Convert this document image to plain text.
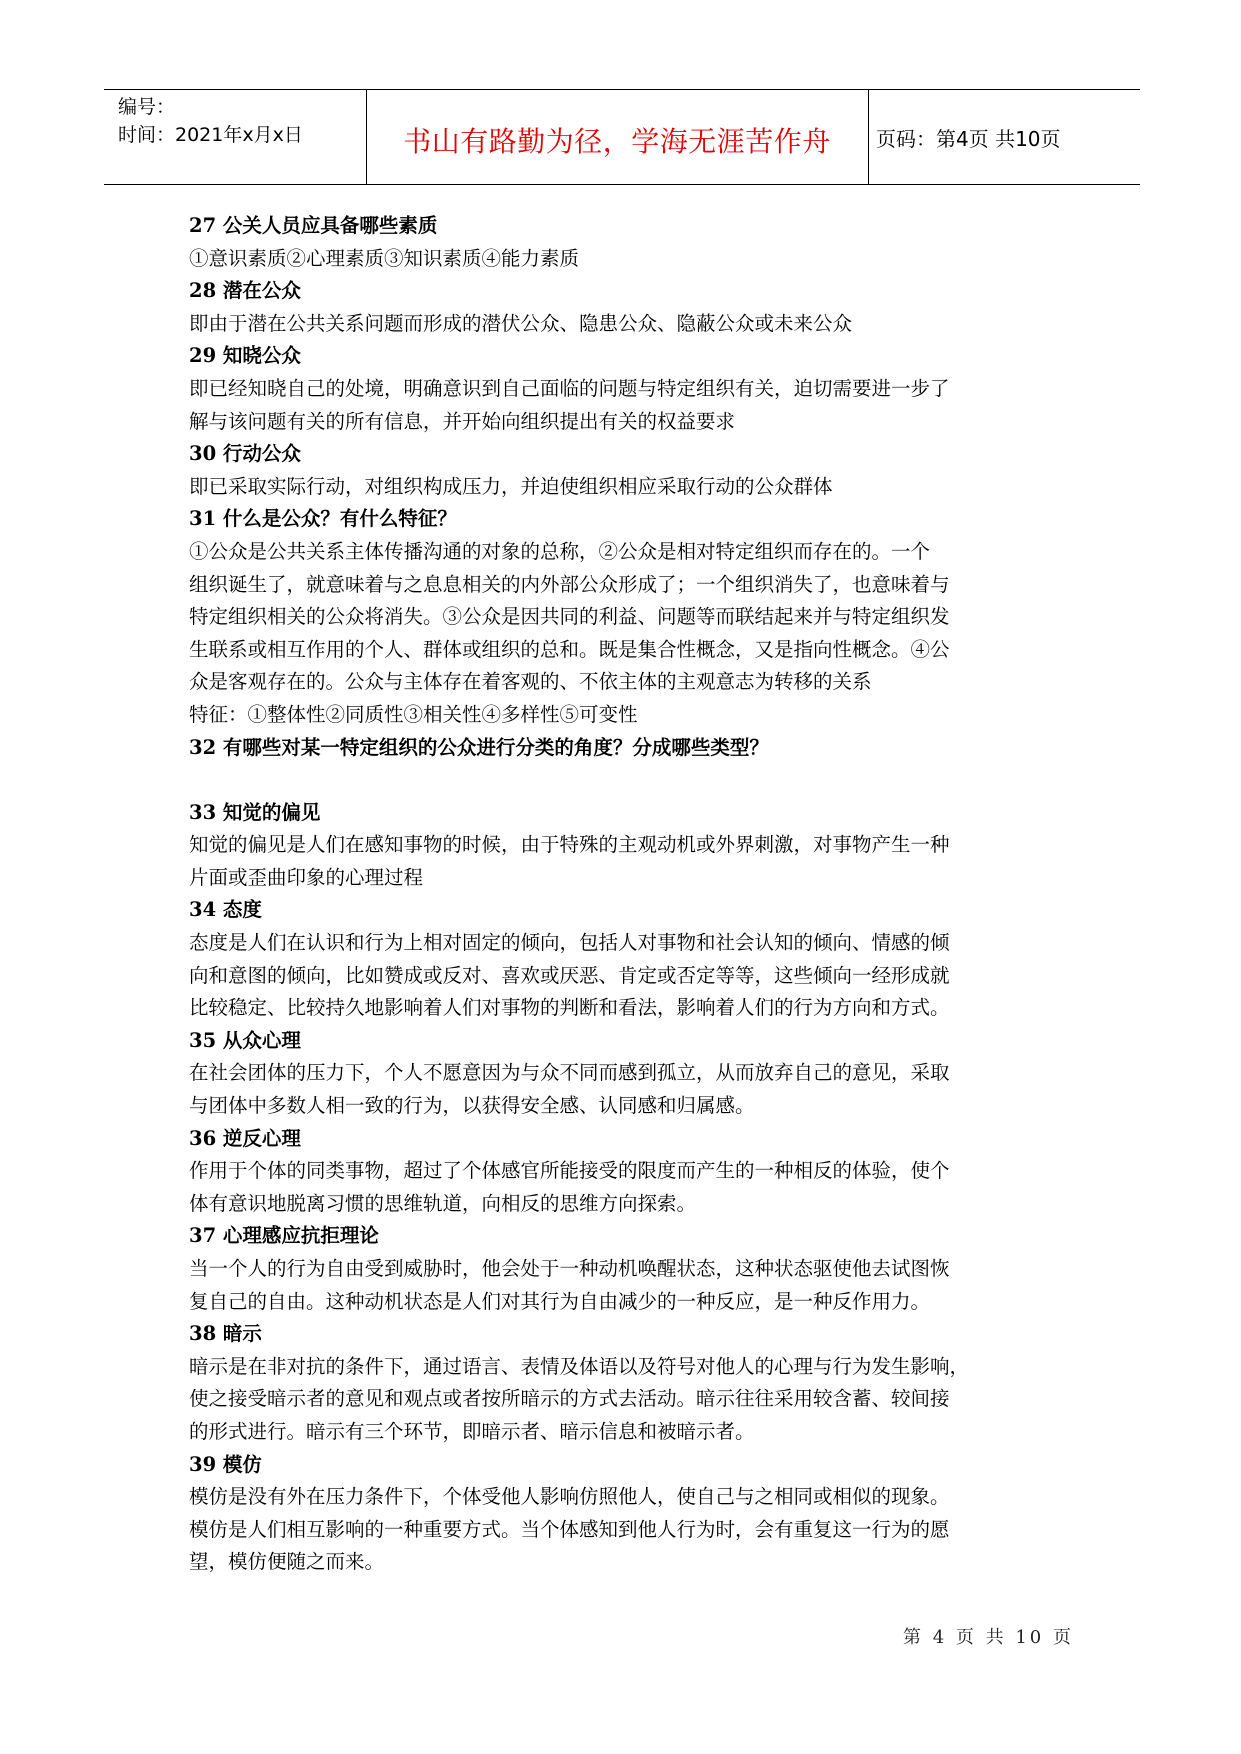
编号：
时间：2021年x月x日	书山有路勤为径，学海无涯苦作舟	页码：第4页 共10页
27 公关人员应具备哪些素质
①意识素质②心理素质③知识素质④能力素质
28 潜在公众
即由于潜在公共关系问题而形成的潜伏公众、隐患公众、隐蔽公众或未来公众
29 知晓公众
即已经知晓自己的处境，明确意识到自己面临的问题与特定组织有关，迫切需要进一步了
解与该问题有关的所有信息，并开始向组织提出有关的权益要求
30 行动公众
即已采取实际行动，对组织构成压力，并迫使组织相应采取行动的公众群体
31 什么是公众？有什么特征？
①公众是公共关系主体传播沟通的对象的总称，②公众是相对特定组织而存在的。一个
组织诞生了，就意味着与之息息相关的内外部公众形成了；一个组织消失了，也意味着与
特定组织相关的公众将消失。③公众是因共同的利益、问题等而联结起来并与特定组织发
生联系或相互作用的个人、群体或组织的总和。既是集合性概念，又是指向性概念。④公
众是客观存在的。公众与主体存在着客观的、不依主体的主观意志为转移的关系
特征：①整体性②同质性③相关性④多样性⑤可变性
32 有哪些对某一特定组织的公众进行分类的角度？分成哪些类型？
33 知觉的偏见
知觉的偏见是人们在感知事物的时候，由于特殊的主观动机或外界刺激，对事物产生一种
片面或歪曲印象的心理过程
34 态度
态度是人们在认识和行为上相对固定的倾向，包括人对事物和社会认知的倾向、情感的倾
向和意图的倾向，比如赞成或反对、喜欢或厌恶、肯定或否定等等，这些倾向一经形成就
比较稳定、比较持久地影响着人们对事物的判断和看法，影响着人们的行为方向和方式。
35 从众心理
在社会团体的压力下，个人不愿意因为与众不同而感到孤立，从而放弃自己的意见，采取
与团体中多数人相一致的行为，以获得安全感、认同感和归属感。
36 逆反心理
作用于个体的同类事物，超过了个体感官所能接受的限度而产生的一种相反的体验，使个
体有意识地脱离习惯的思维轨道，向相反的思维方向探索。
37 心理感应抗拒理论
当一个人的行为自由受到威胁时，他会处于一种动机唤醒状态，这种状态驱使他去试图恢
复自己的自由。这种动机状态是人们对其行为自由减少的一种反应，是一种反作用力。
38 暗示
暗示是在非对抗的条件下，通过语言、表情及体语以及符号对他人的心理与行为发生影响，
使之接受暗示者的意见和观点或者按所暗示的方式去活动。暗示往往采用较含蓄、较间接
的形式进行。暗示有三个环节，即暗示者、暗示信息和被暗示者。
39 模仿
模仿是没有外在压力条件下，个体受他人影响仿照他人，使自己与之相同或相似的现象。
模仿是人们相互影响的一种重要方式。当个体感知到他人行为时，会有重复这一行为的愿
望，模仿便随之而来。
第 4 页 共 10 页
